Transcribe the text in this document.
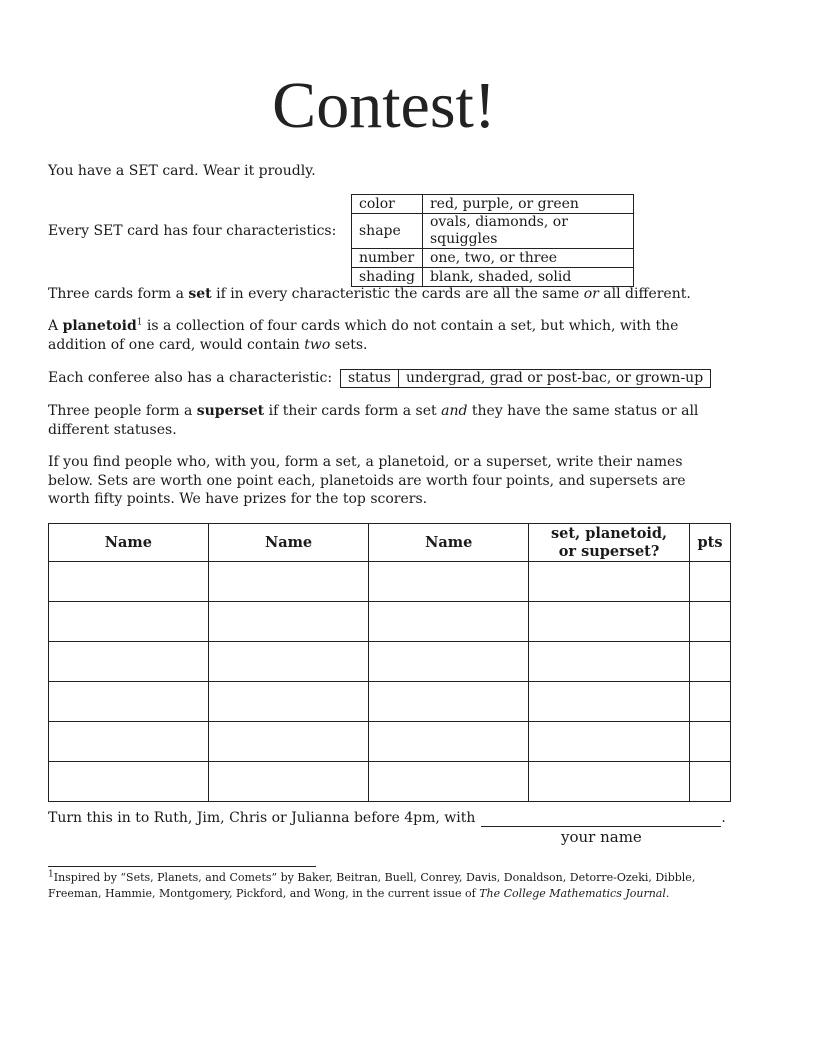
Contest!
You have a SET card. Wear it proudly.
Every SET card has four characteristics:
color	red, purple, or green
shape	ovals, diamonds, or squiggles
number	one, two, or three
shading	blank, shaded, solid
Three cards form a set if in every characteristic the cards are all the same or all different.
A planetoid$^1$ is a collection of four cards which do not contain a set, but which, with the addition of one card, would contain two sets.
Each conferee also has a characteristic:	status	undergrad, grad or post-bac, or grown-up
Three people form a superset if their cards form a set and they have the same status or all different statuses.
If you find people who, with you, form a set, a planetoid, or a superset, write their names below. Sets are worth one point each, planetoids are worth four points, and supersets are worth fifty points. We have prizes for the top scorers.
Name	Name	Name	set, planetoid, or superset?	pts

Turn this in to Ruth, Jim, Chris or Julianna before 4pm, with
your name
.
$^1$Inspired by “Sets, Planets, and Comets” by Baker, Beitran, Buell, Conrey, Davis, Donaldson, Detorre-Ozeki, Dibble, Freeman, Hammie, Montgomery, Pickford, and Wong, in the current issue of The College Mathematics Journal.
